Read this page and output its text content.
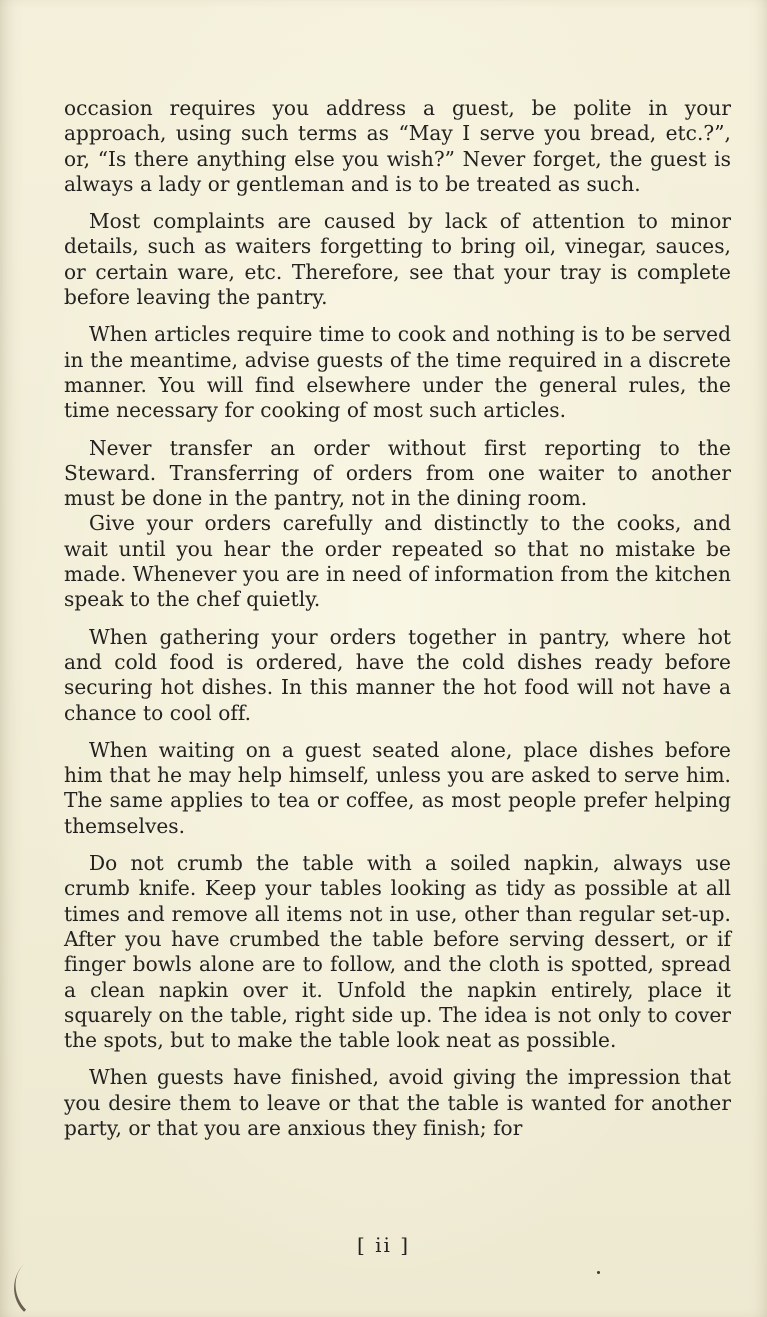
occasion requires you address a guest, be polite in your approach, using such terms as “May I serve you bread, etc.?”, or, “Is there anything else you wish?” Never forget, the guest is always a lady or gentleman and is to be treated as such.

Most complaints are caused by lack of attention to minor details, such as waiters forgetting to bring oil, vinegar, sauces, or certain ware, etc. Therefore, see that your tray is complete before leaving the pantry.

When articles require time to cook and nothing is to be served in the meantime, advise guests of the time required in a discrete manner. You will find elsewhere under the general rules, the time necessary for cooking of most such articles.

Never transfer an order without first reporting to the Steward. Transferring of orders from one waiter to another must be done in the pantry, not in the dining room.

Give your orders carefully and distinctly to the cooks, and wait until you hear the order repeated so that no mistake be made. Whenever you are in need of information from the kitchen speak to the chef quietly.

When gathering your orders together in pantry, where hot and cold food is ordered, have the cold dishes ready before securing hot dishes. In this manner the hot food will not have a chance to cool off.

When waiting on a guest seated alone, place dishes before him that he may help himself, unless you are asked to serve him. The same applies to tea or coffee, as most people prefer helping themselves.

Do not crumb the table with a soiled napkin, always use crumb knife. Keep your tables looking as tidy as possible at all times and remove all items not in use, other than regular set-up. After you have crumbed the table before serving dessert, or if finger bowls alone are to follow, and the cloth is spotted, spread a clean napkin over it. Unfold the napkin entirely, place it squarely on the table, right side up. The idea is not only to cover the spots, but to make the table look neat as possible.

When guests have finished, avoid giving the impression that you desire them to leave or that the table is wanted for another party, or that you are anxious they finish; for

[ ii ]
